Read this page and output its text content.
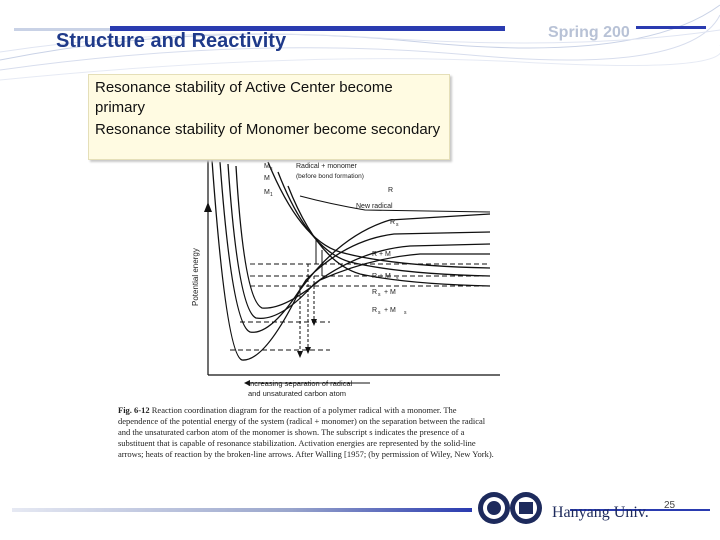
Structure and Reactivity	Spring 200
Resonance stability of Active Center become primary
Resonance stability of Monomer become secondary
Potential energy
M s
M
M 1
Radical + monomer
(before bond formation)
R
New radical
R s
R + M
R + M s
R s + M
R s + M s
Increasing separation of radical
and unsaturated carbon atom
Fig. 6-12 Reaction coordination diagram for the reaction of a polymer radical with a monomer. The dependence of the potential energy of the system (radical + monomer) on the separation between the radical and the unsaturated carbon atom of the monomer is shown. The subscript s indicates the presence of a substituent that is capable of resonance stabilization. Activation energies are represented by the solid-line arrows; heats of reaction by the broken-line arrows. After Walling [1957; (by permission of Wiley, New York).
Hanyang Univ. 25
